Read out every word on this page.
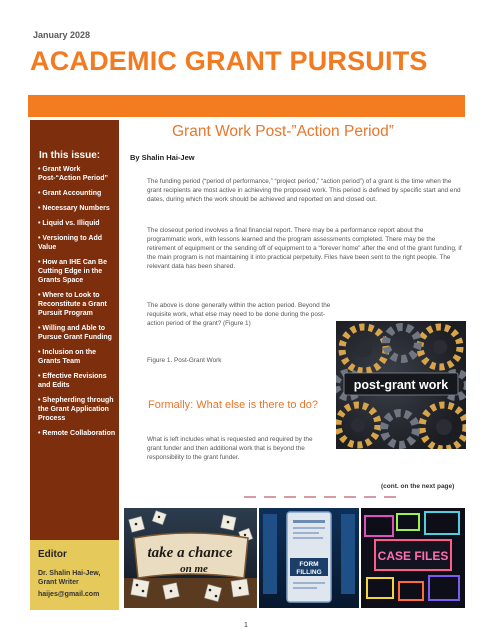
January 2028
ACADEMIC GRANT PURSUITS
In this issue:
• Grant Work Post-“Action Period”
• Grant Accounting
• Necessary Numbers
• Liquid vs. Illiquid
• Versioning to Add Value
• How an IHE Can Be Cutting Edge in the Grants Space
• Where to Look to Reconstitute a Grant Pursuit Program
• Willing and Able to Pursue Grant Funding
• Inclusion on the Grants Team
• Effective Revisions and Edits
• Shepherding through the Grant Application Process
• Remote Collaboration
Editor
Dr. Shalin Hai-Jew, Grant Writer
haijes@gmail.com
Grant Work Post-”Action Period”
By Shalin Hai-Jew

The funding period (“period of performance,” “project period,” “action period”) of a grant is the time when the grant recipients are most active in achieving the proposed work. This period is defined by specific start and end dates, during which the work should be achieved and reported on and closed out.

The closeout period involves a final financial report. There may be a performance report about the programmatic work, with lessons learned and the program assessments completed. There may be the retirement of equipment or the sending off of equipment to a “forever home” after the end of the grant funding, if the main program is not maintaining it into practical perpetuity. Files have been sent to the right people. The relevant data has been shared.

The above is done generally within the action period. Beyond the requisite work, what else may need to be done during the post-action period of the grant? (Figure 1)

Figure 1. Post-Grant Work
Formally: What else is there to do?

What is left includes what is requested and required by the grant funder and then additional work that is beyond the responsibility to the grant funder.

(cont. on the next page)
post-grant work
take a chance
on me	FORM
FILLING
CASE FILES
1
